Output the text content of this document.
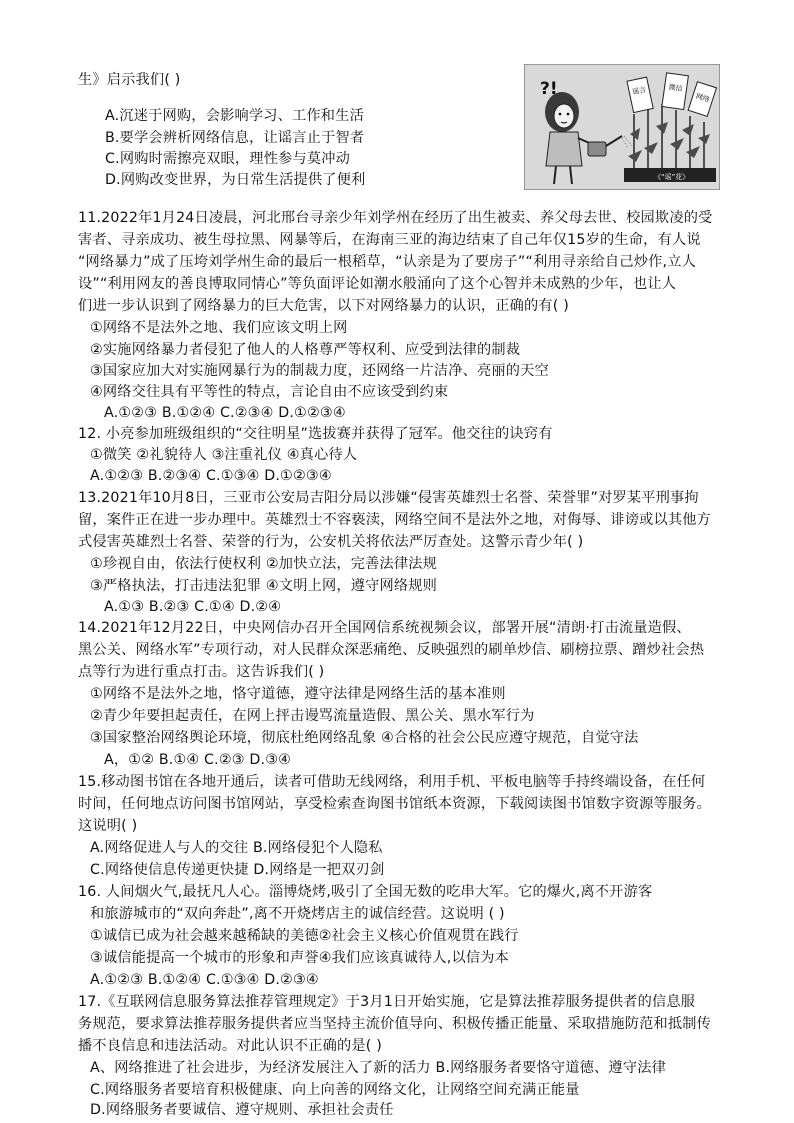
生》启示我们( )
A.沉迷于网购，会影响学习、工作和生活
B.要学会辨析网络信息，让谣言止于智者
C.网购时需擦亮双眼，理性参与莫冲动
D.网购改变世界，为日常生活提供了便利
?!	谣言	微信
网络
《“谣”花》
11.2022年1月24日凌晨，河北邢台寻亲少年刘学州在经历了出生被卖、养父母去世、校园欺凌的受
害者、寻亲成功、被生母拉黑、网暴等后，在海南三亚的海边结束了自己年仅15岁的生命，有人说
“网络暴力”成了压垮刘学州生命的最后一根稻草，“认亲是为了要房子”“利用寻亲给自己炒作,立人
设”“利用网友的善良博取同情心”等负面评论如潮水般涌向了这个心智并未成熟的少年，也让人
们进一步认识到了网络暴力的巨大危害，以下对网络暴力的认识，正确的有( )
①网络不是法外之地、我们应该文明上网
②实施网络暴力者侵犯了他人的人格尊严等权利、应受到法律的制裁
③国家应加大对实施网暴行为的制裁力度，还网络一片洁净、亮丽的天空
④网络交往具有平等性的特点，言论自由不应该受到约束
A.①②③ B.①②④ C.②③④ D.①②③④
12. 小亮参加班级组织的“交往明星”选拔赛并获得了冠军。他交往的诀窍有
①微笑 ②礼貌待人 ③注重礼仪 ④真心待人
A.①②③ B.②③④ C.①③④ D.①②③④
13.2021年10月8日，三亚市公安局吉阳分局以涉嫌“侵害英雄烈士名誉、荣誉罪”对罗某平刑事拘
留，案件正在进一步办理中。英雄烈士不容亵渎，网络空间不是法外之地，对侮辱、诽谤或以其他方
式侵害英雄烈士名誉、荣誉的行为，公安机关将依法严厉查处。这警示青少年( )
①珍视自由，依法行使权利 ②加快立法，完善法律法规
③严格执法，打击违法犯罪 ④文明上网，遵守网络规则
A.①③ B.②③ C.①④ D.②④
14.2021年12月22日，中央网信办召开全国网信系统视频会议，部署开展“清朗·打击流量造假、
黑公关、网络水军”专项行动，对人民群众深恶痛绝、反映强烈的刷单炒信、刷榜拉票、蹭炒社会热
点等行为进行重点打击。这告诉我们( )
①网络不是法外之地，恪守道德，遵守法律是网络生活的基本准则
②青少年要担起责任，在网上抨击谩骂流量造假、黑公关、黑水军行为
③国家整治网络舆论环境，彻底杜绝网络乱象 ④合格的社会公民应遵守规范，自觉守法
A，①② B.①④ C.②③ D.③④
15.移动图书馆在各地开通后，读者可借助无线网络，利用手机、平板电脑等手持终端设备，在任何
时间，任何地点访问图书馆网站，享受检索查询图书馆纸本资源，下载阅读图书馆数字资源等服务。
这说明( )
A.网络促进人与人的交往 B.网络侵犯个人隐私
C.网络使信息传递更快捷 D.网络是一把双刃剑
16. 人间烟火气,最抚凡人心。淄博烧烤,吸引了全国无数的吃串大军。它的爆火,离不开游客
和旅游城市的“双向奔赴”,离不开烧烤店主的诚信经营。这说明 ( )
①诚信已成为社会越来越稀缺的美德②社会主义核心价值观贯在践行
③诚信能提高一个城市的形象和声誉④我们应该真诚待人,以信为本
A.①②③ B.①②④ C.①③④ D.②③④
17.《互联网信息服务算法推荐管理规定》于3月1日开始实施，它是算法推荐服务提供者的信息服
务规范，要求算法推荐服务提供者应当坚持主流价值导向、积极传播正能量、采取措施防范和抵制传
播不良信息和违法活动。对此认识不正确的是( )
A、网络推进了社会进步，为经济发展注入了新的活力 B.网络服务者要恪守道德、遵守法律
C.网络服务者要培育积极健康、向上向善的网络文化，让网络空间充满正能量
D.网络服务者要诚信、遵守规则、承担社会责任
